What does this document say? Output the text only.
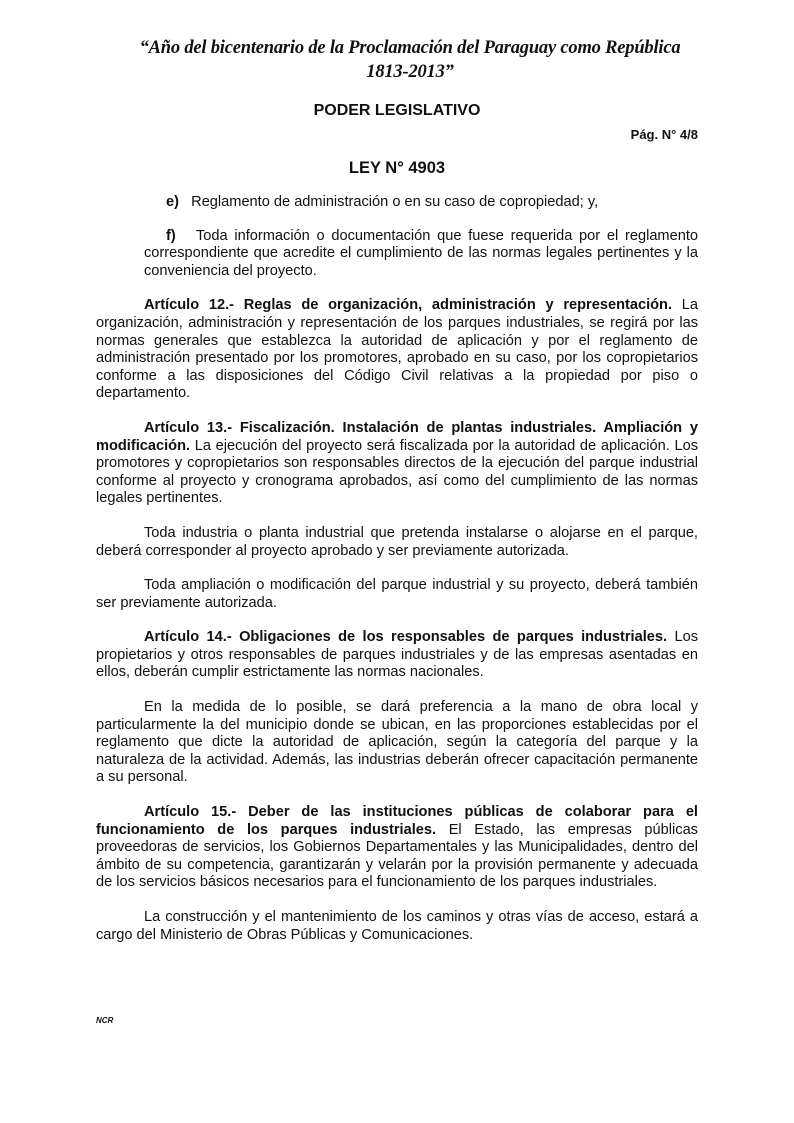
“Año del bicentenario de la Proclamación del Paraguay como República 1813-2013”
PODER LEGISLATIVO
Pág. N° 4/8
LEY N° 4903

e) Reglamento de administración o en su caso de copropiedad; y,

f) Toda información o documentación que fuese requerida por el reglamento correspondiente que acredite el cumplimiento de las normas legales pertinentes y la conveniencia del proyecto.

Artículo 12.- Reglas de organización, administración y representación. La organización, administración y representación de los parques industriales, se regirá por las normas generales que establezca la autoridad de aplicación y por el reglamento de administración presentado por los promotores, aprobado en su caso, por los copropietarios conforme a las disposiciones del Código Civil relativas a la propiedad por piso o departamento.

Artículo 13.- Fiscalización. Instalación de plantas industriales. Ampliación y modificación. La ejecución del proyecto será fiscalizada por la autoridad de aplicación. Los promotores y copropietarios son responsables directos de la ejecución del parque industrial conforme al proyecto y cronograma aprobados, así como del cumplimiento de las normas legales pertinentes.

Toda industria o planta industrial que pretenda instalarse o alojarse en el parque, deberá corresponder al proyecto aprobado y ser previamente autorizada.

Toda ampliación o modificación del parque industrial y su proyecto, deberá también ser previamente autorizada.

Artículo 14.- Obligaciones de los responsables de parques industriales. Los propietarios y otros responsables de parques industriales y de las empresas asentadas en ellos, deberán cumplir estrictamente las normas nacionales.

En la medida de lo posible, se dará preferencia a la mano de obra local y particularmente la del municipio donde se ubican, en las proporciones establecidas por el reglamento que dicte la autoridad de aplicación, según la categoría del parque y la naturaleza de la actividad. Además, las industrias deberán ofrecer capacitación permanente a su personal.

Artículo 15.- Deber de las instituciones públicas de colaborar para el funcionamiento de los parques industriales. El Estado, las empresas públicas proveedoras de servicios, los Gobiernos Departamentales y las Municipalidades, dentro del ámbito de su competencia, garantizarán y velarán por la provisión permanente y adecuada de los servicios básicos necesarios para el funcionamiento de los parques industriales.

La construcción y el mantenimiento de los caminos y otras vías de acceso, estará a cargo del Ministerio de Obras Públicas y Comunicaciones.

NCR
